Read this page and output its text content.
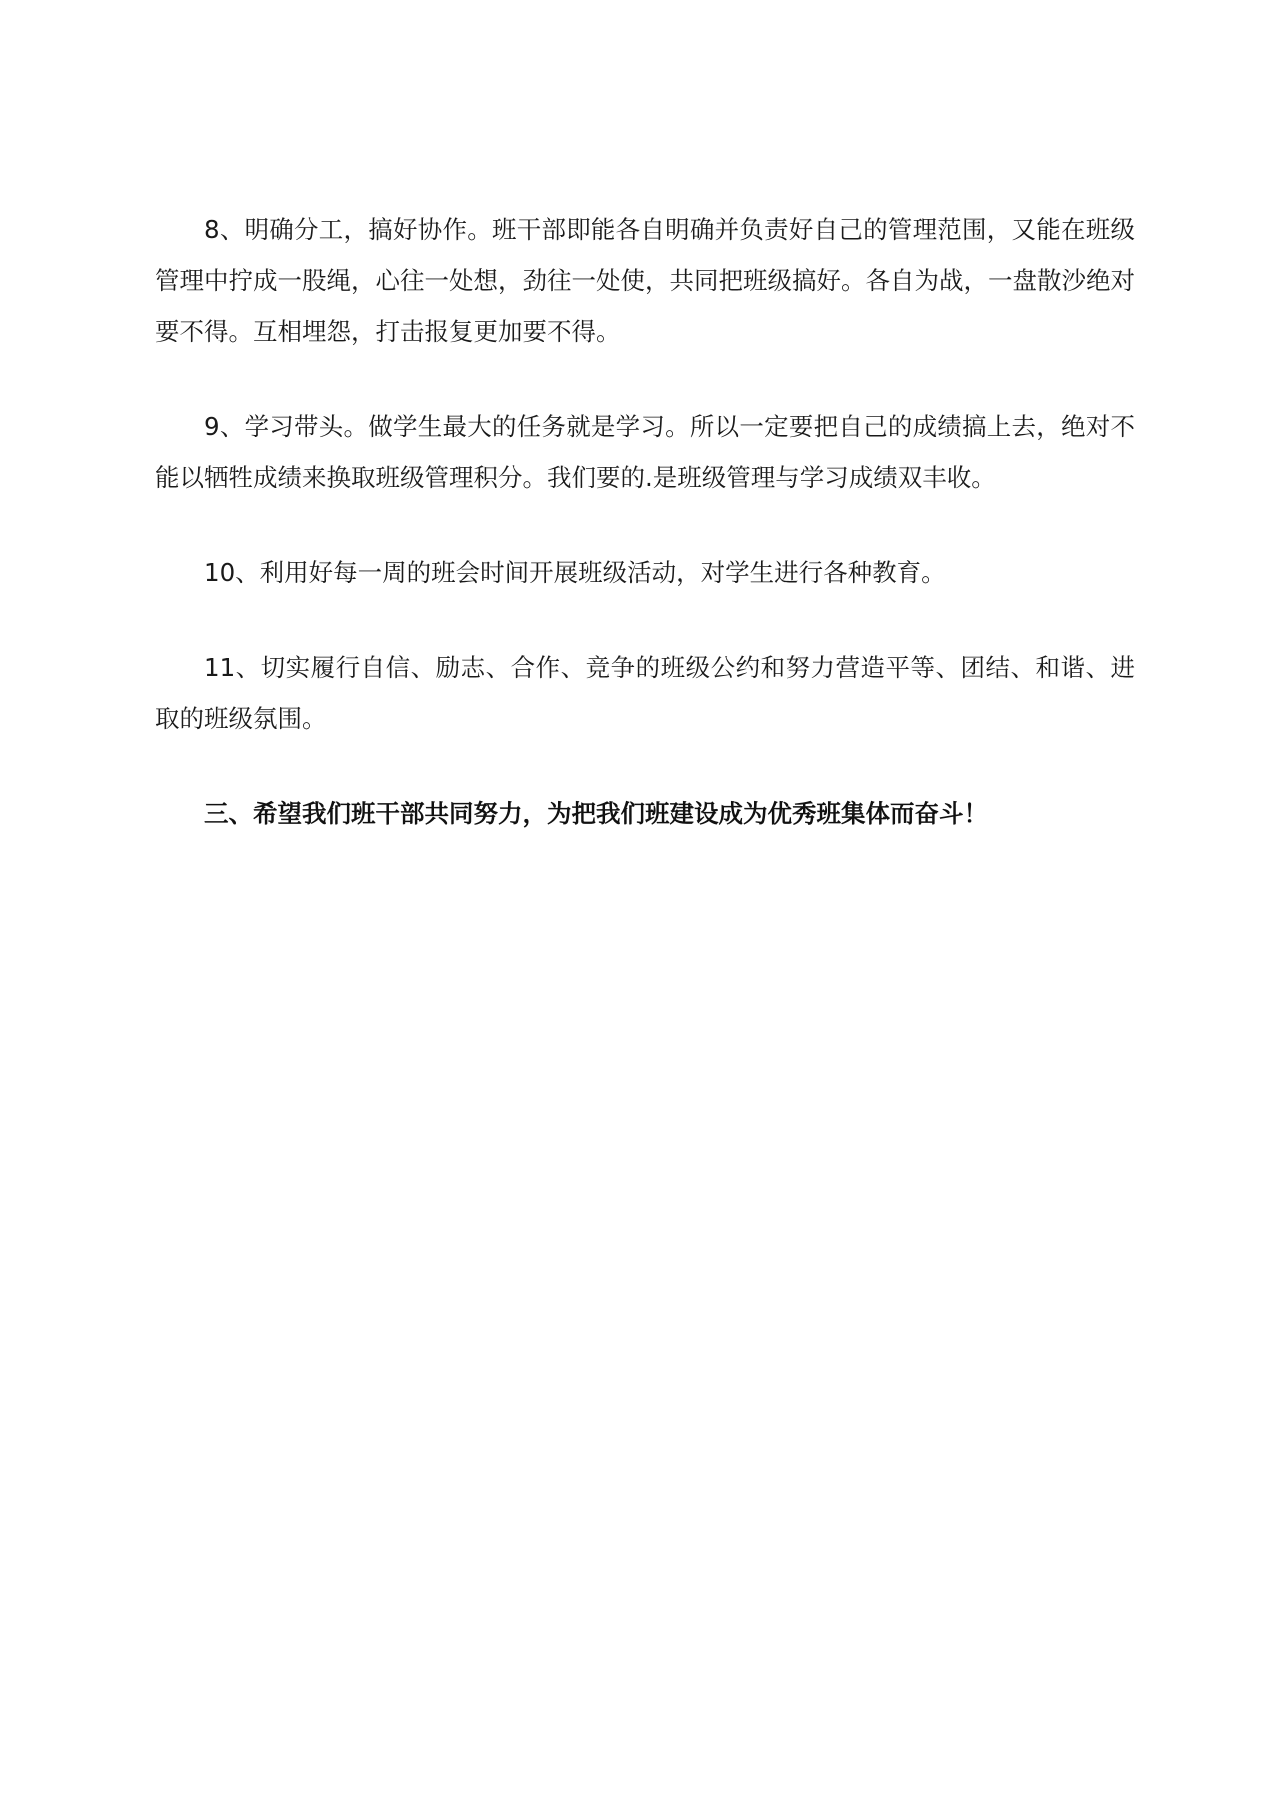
8、明确分工，搞好协作。班干部即能各自明确并负责好自己的管理范围，又能在班级管理中拧成一股绳，心往一处想，劲往一处使，共同把班级搞好。各自为战，一盘散沙绝对要不得。互相埋怨，打击报复更加要不得。

9、学习带头。做学生最大的任务就是学习。所以一定要把自己的成绩搞上去，绝对不能以牺牲成绩来换取班级管理积分。我们要的.是班级管理与学习成绩双丰收。

10、利用好每一周的班会时间开展班级活动，对学生进行各种教育。

11、切实履行自信、励志、合作、竞争的班级公约和努力营造平等、团结、和谐、进取的班级氛围。

三、希望我们班干部共同努力，为把我们班建设成为优秀班集体而奋斗！
